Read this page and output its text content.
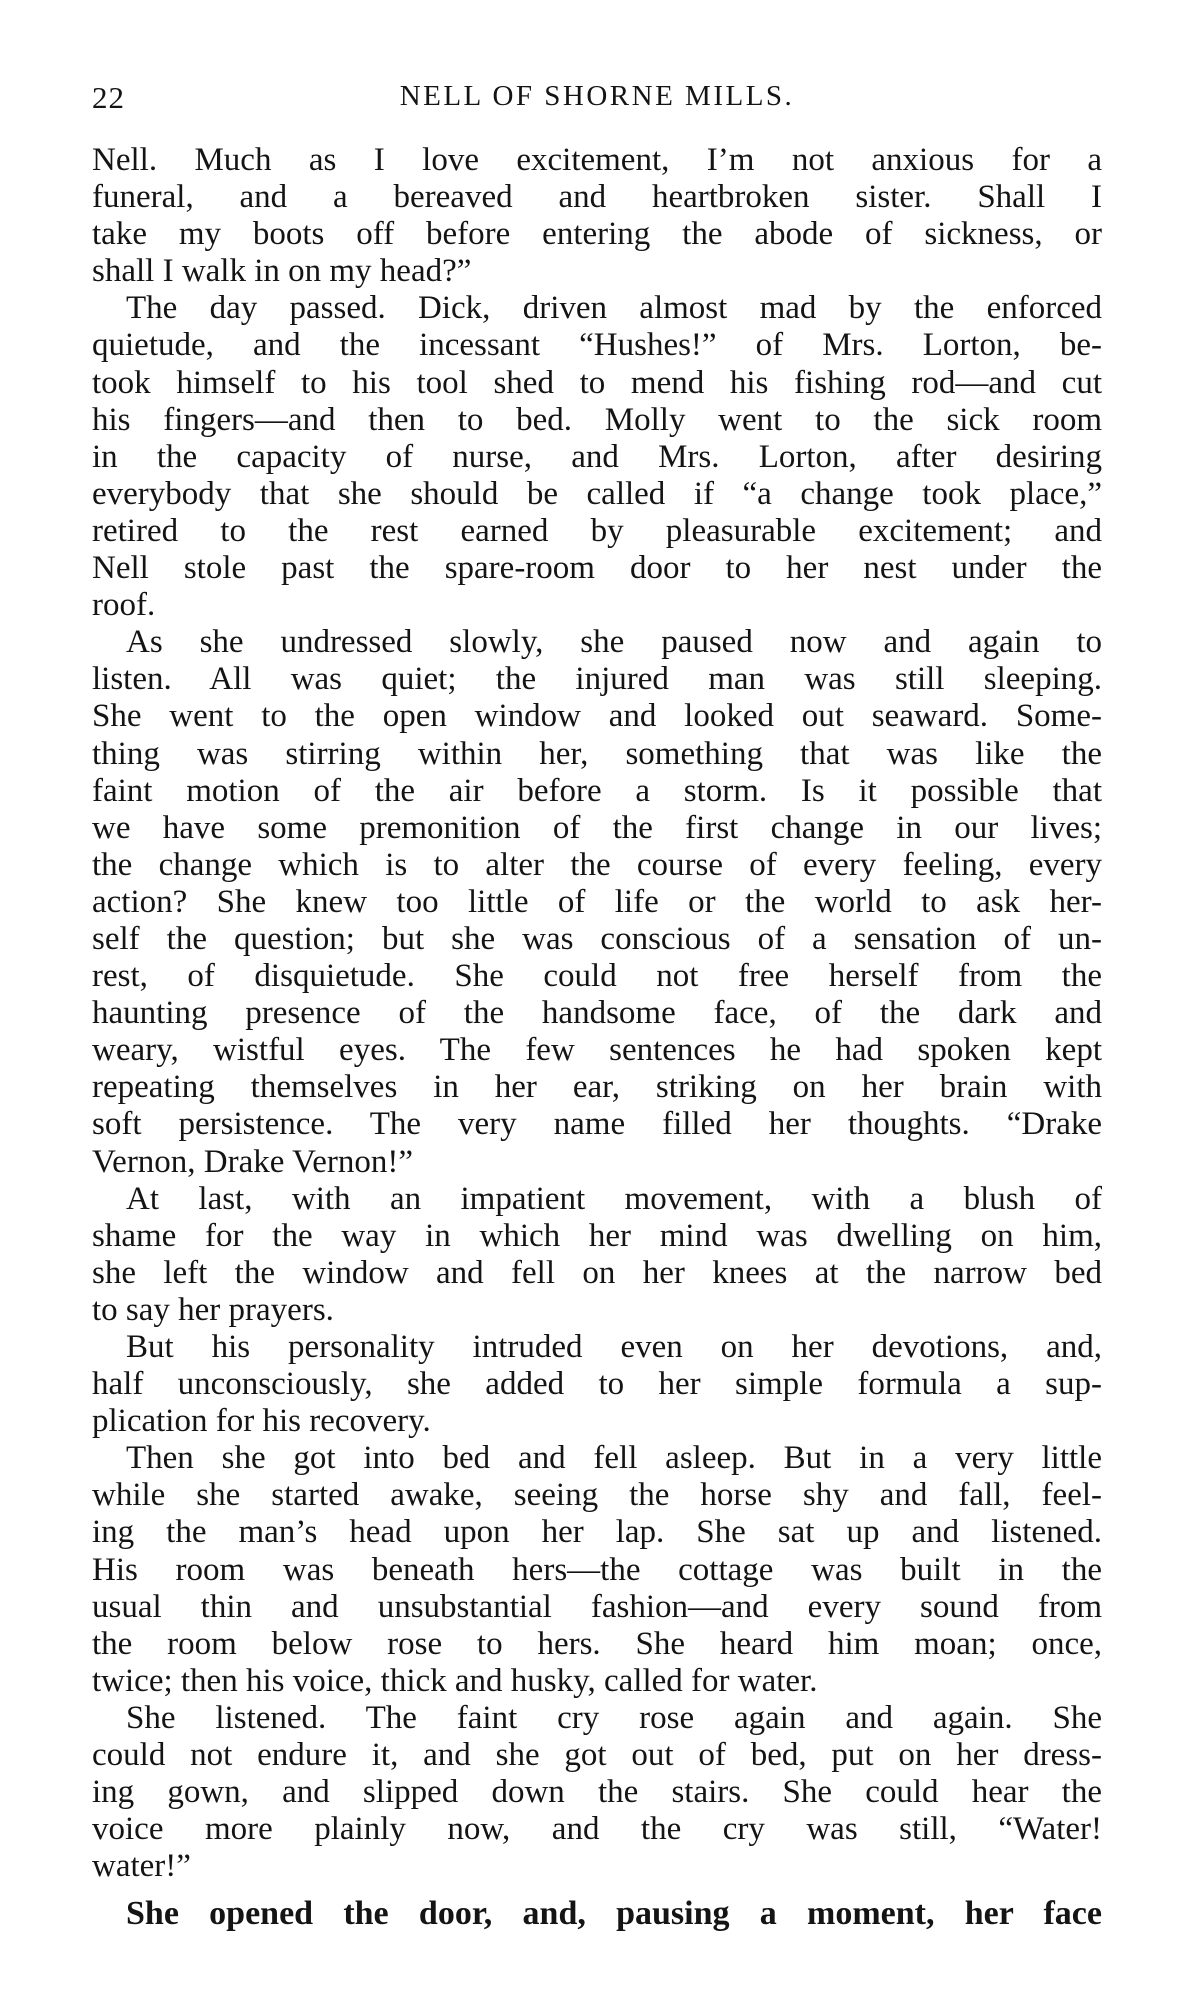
22	NELL OF SHORNE MILLS.
Nell. Much as I love excitement, I’m not anxious for a
funeral, and a bereaved and heartbroken sister. Shall I
take my boots off before entering the abode of sickness, or
shall I walk in on my head?”
The day passed. Dick, driven almost mad by the enforced
quietude, and the incessant “Hushes!” of Mrs. Lorton, be-
took himself to his tool shed to mend his fishing rod—and cut
his fingers—and then to bed. Molly went to the sick room
in the capacity of nurse, and Mrs. Lorton, after desiring
everybody that she should be called if “a change took place,”
retired to the rest earned by pleasurable excitement; and
Nell stole past the spare-room door to her nest under the
roof.
As she undressed slowly, she paused now and again to
listen. All was quiet; the injured man was still sleeping.
She went to the open window and looked out seaward. Some-
thing was stirring within her, something that was like the
faint motion of the air before a storm. Is it possible that
we have some premonition of the first change in our lives;
the change which is to alter the course of every feeling, every
action? She knew too little of life or the world to ask her-
self the question; but she was conscious of a sensation of un-
rest, of disquietude. She could not free herself from the
haunting presence of the handsome face, of the dark and
weary, wistful eyes. The few sentences he had spoken kept
repeating themselves in her ear, striking on her brain with
soft persistence. The very name filled her thoughts. “Drake
Vernon, Drake Vernon!”
At last, with an impatient movement, with a blush of
shame for the way in which her mind was dwelling on him,
she left the window and fell on her knees at the narrow bed
to say her prayers.
But his personality intruded even on her devotions, and,
half unconsciously, she added to her simple formula a sup-
plication for his recovery.
Then she got into bed and fell asleep. But in a very little
while she started awake, seeing the horse shy and fall, feel-
ing the man’s head upon her lap. She sat up and listened.
His room was beneath hers—the cottage was built in the
usual thin and unsubstantial fashion—and every sound from
the room below rose to hers. She heard him moan; once,
twice; then his voice, thick and husky, called for water.
She listened. The faint cry rose again and again. She
could not endure it, and she got out of bed, put on her dress-
ing gown, and slipped down the stairs. She could hear the
voice more plainly now, and the cry was still, “Water!
water!”
She opened the door, and, pausing a moment, her face
